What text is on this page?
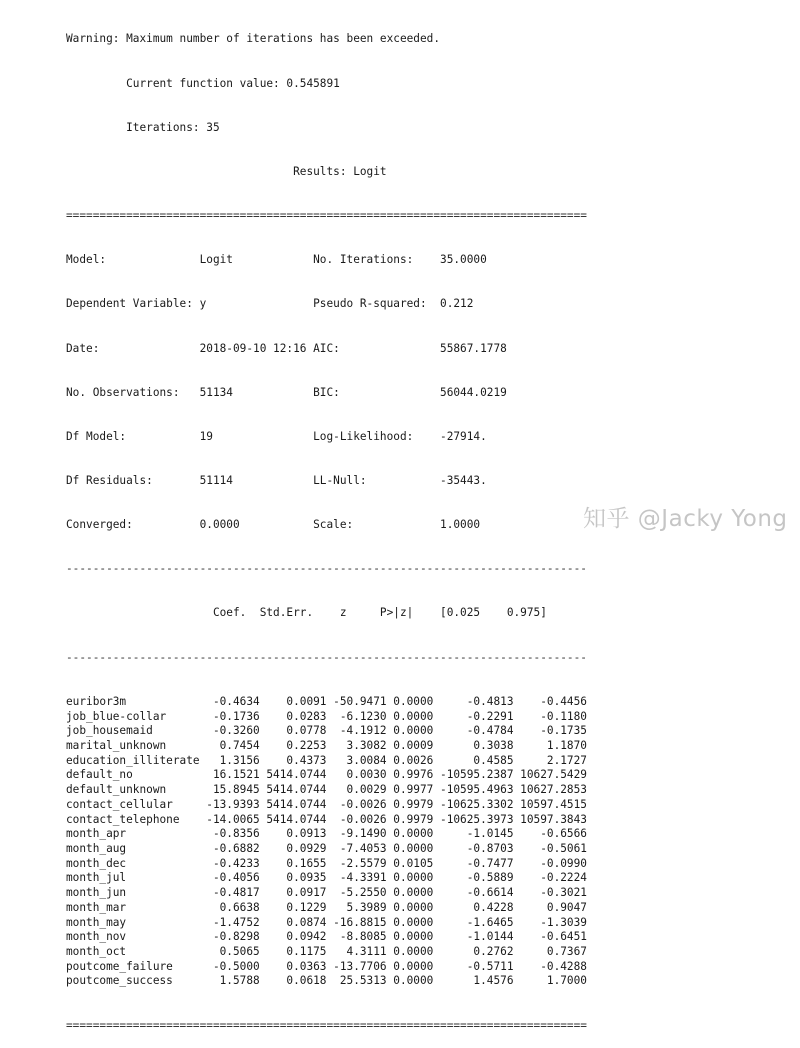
Warning: Maximum number of iterations has been exceeded.

Current function value: 0.545891

Iterations: 35

Results: Logit

==============================================================================

Model:              Logit            No. Iterations:    35.0000

Dependent Variable: y                Pseudo R-squared:  0.212

Date:               2018-09-10 12:16 AIC:               55867.1778

No. Observations:   51134            BIC:               56044.0219

Df Model:           19               Log-Likelihood:    -27914.

Df Residuals:       51114            LL-Null:           -35443.

Converged:          0.0000           Scale:             1.0000

------------------------------------------------------------------------------

Coef.  Std.Err.    z     P>|z|    [0.025    0.975]

------------------------------------------------------------------------------

euribor3m             -0.4634    0.0091 -50.9471 0.0000     -0.4813    -0.4456
job_blue-collar       -0.1736    0.0283  -6.1230 0.0000     -0.2291    -0.1180
job_housemaid         -0.3260    0.0778  -4.1912 0.0000     -0.4784    -0.1735
marital_unknown        0.7454    0.2253   3.3082 0.0009      0.3038     1.1870
education_illiterate   1.3156    0.4373   3.0084 0.0026      0.4585     2.1727
default_no            16.1521 5414.0744   0.0030 0.9976 -10595.2387 10627.5429
default_unknown       15.8945 5414.0744   0.0029 0.9977 -10595.4963 10627.2853
contact_cellular     -13.9393 5414.0744  -0.0026 0.9979 -10625.3302 10597.4515
contact_telephone    -14.0065 5414.0744  -0.0026 0.9979 -10625.3973 10597.3843
month_apr             -0.8356    0.0913  -9.1490 0.0000     -1.0145    -0.6566
month_aug             -0.6882    0.0929  -7.4053 0.0000     -0.8703    -0.5061
month_dec             -0.4233    0.1655  -2.5579 0.0105     -0.7477    -0.0990
month_jul             -0.4056    0.0935  -4.3391 0.0000     -0.5889    -0.2224
month_jun             -0.4817    0.0917  -5.2550 0.0000     -0.6614    -0.3021
month_mar              0.6638    0.1229   5.3989 0.0000      0.4228     0.9047
month_may             -1.4752    0.0874 -16.8815 0.0000     -1.6465    -1.3039
month_nov             -0.8298    0.0942  -8.8085 0.0000     -1.0144    -0.6451
month_oct              0.5065    0.1175   4.3111 0.0000      0.2762     0.7367
poutcome_failure      -0.5000    0.0363 -13.7706 0.0000     -0.5711    -0.4288
poutcome_success       1.5788    0.0618  25.5313 0.0000      1.4576     1.7000

==============================================================================

知乎 @Jacky Yong
